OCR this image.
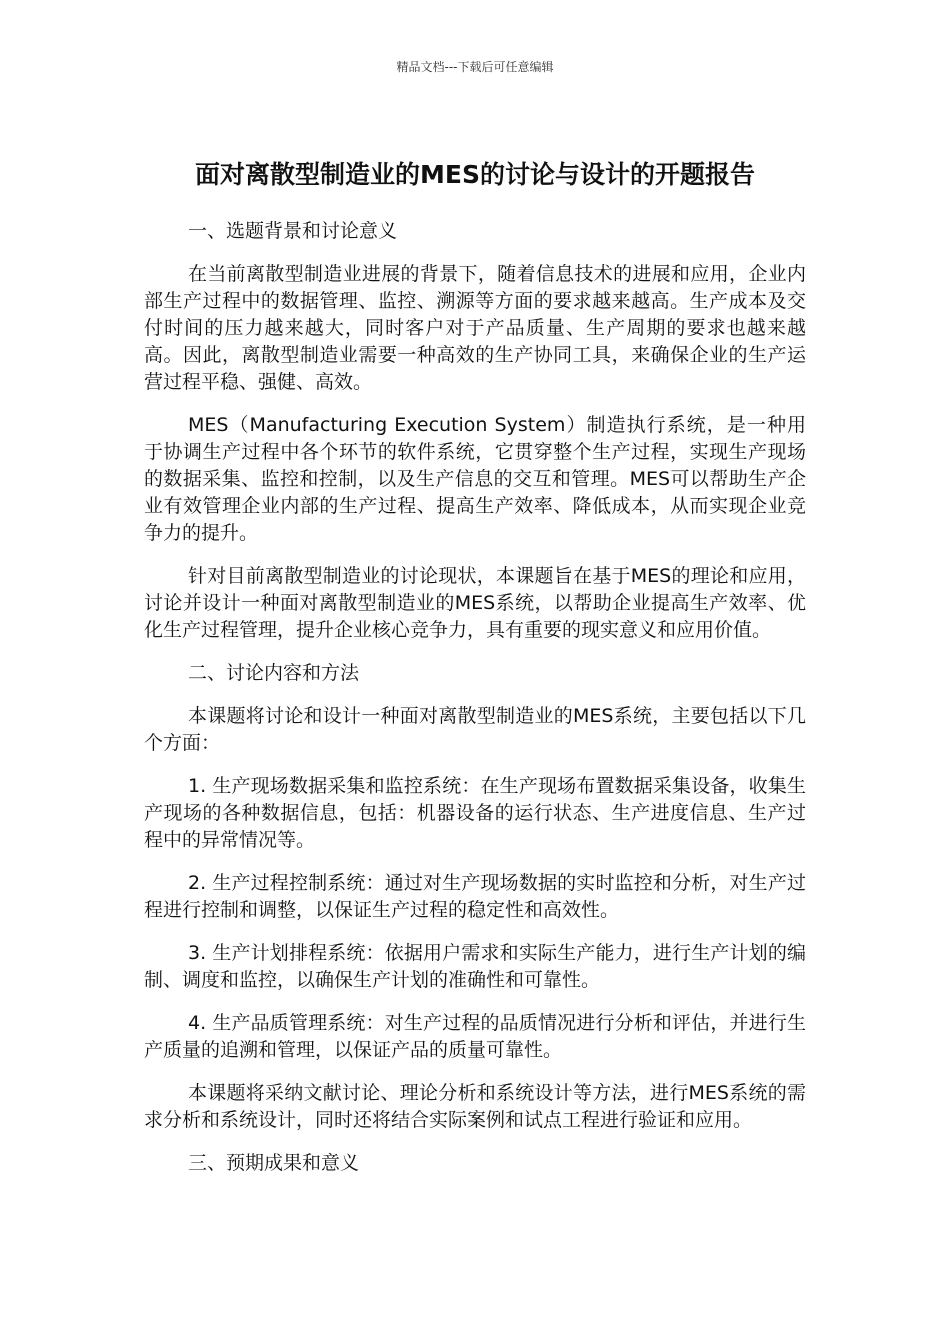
精品文档---下载后可任意编辑
面对离散型制造业的MES的讨论与设计的开题报告
一、选题背景和讨论意义

在当前离散型制造业进展的背景下，随着信息技术的进展和应用，企业内部生产过程中的数据管理、监控、溯源等方面的要求越来越高。生产成本及交付时间的压力越来越大，同时客户对于产品质量、生产周期的要求也越来越高。因此，离散型制造业需要一种高效的生产协同工具，来确保企业的生产运营过程平稳、强健、高效。

MES（Manufacturing Execution System）制造执行系统，是一种用于协调生产过程中各个环节的软件系统，它贯穿整个生产过程，实现生产现场的数据采集、监控和控制，以及生产信息的交互和管理。MES可以帮助生产企业有效管理企业内部的生产过程、提高生产效率、降低成本，从而实现企业竞争力的提升。

针对目前离散型制造业的讨论现状，本课题旨在基于MES的理论和应用，讨论并设计一种面对离散型制造业的MES系统，以帮助企业提高生产效率、优化生产过程管理，提升企业核心竞争力，具有重要的现实意义和应用价值。

二、讨论内容和方法

本课题将讨论和设计一种面对离散型制造业的MES系统，主要包括以下几个方面：

1. 生产现场数据采集和监控系统：在生产现场布置数据采集设备，收集生产现场的各种数据信息，包括：机器设备的运行状态、生产进度信息、生产过程中的异常情况等。

2. 生产过程控制系统：通过对生产现场数据的实时监控和分析，对生产过程进行控制和调整，以保证生产过程的稳定性和高效性。

3. 生产计划排程系统：依据用户需求和实际生产能力，进行生产计划的编制、调度和监控，以确保生产计划的准确性和可靠性。

4. 生产品质管理系统：对生产过程的品质情况进行分析和评估，并进行生产质量的追溯和管理，以保证产品的质量可靠性。

本课题将采纳文献讨论、理论分析和系统设计等方法，进行MES系统的需求分析和系统设计，同时还将结合实际案例和试点工程进行验证和应用。

三、预期成果和意义
